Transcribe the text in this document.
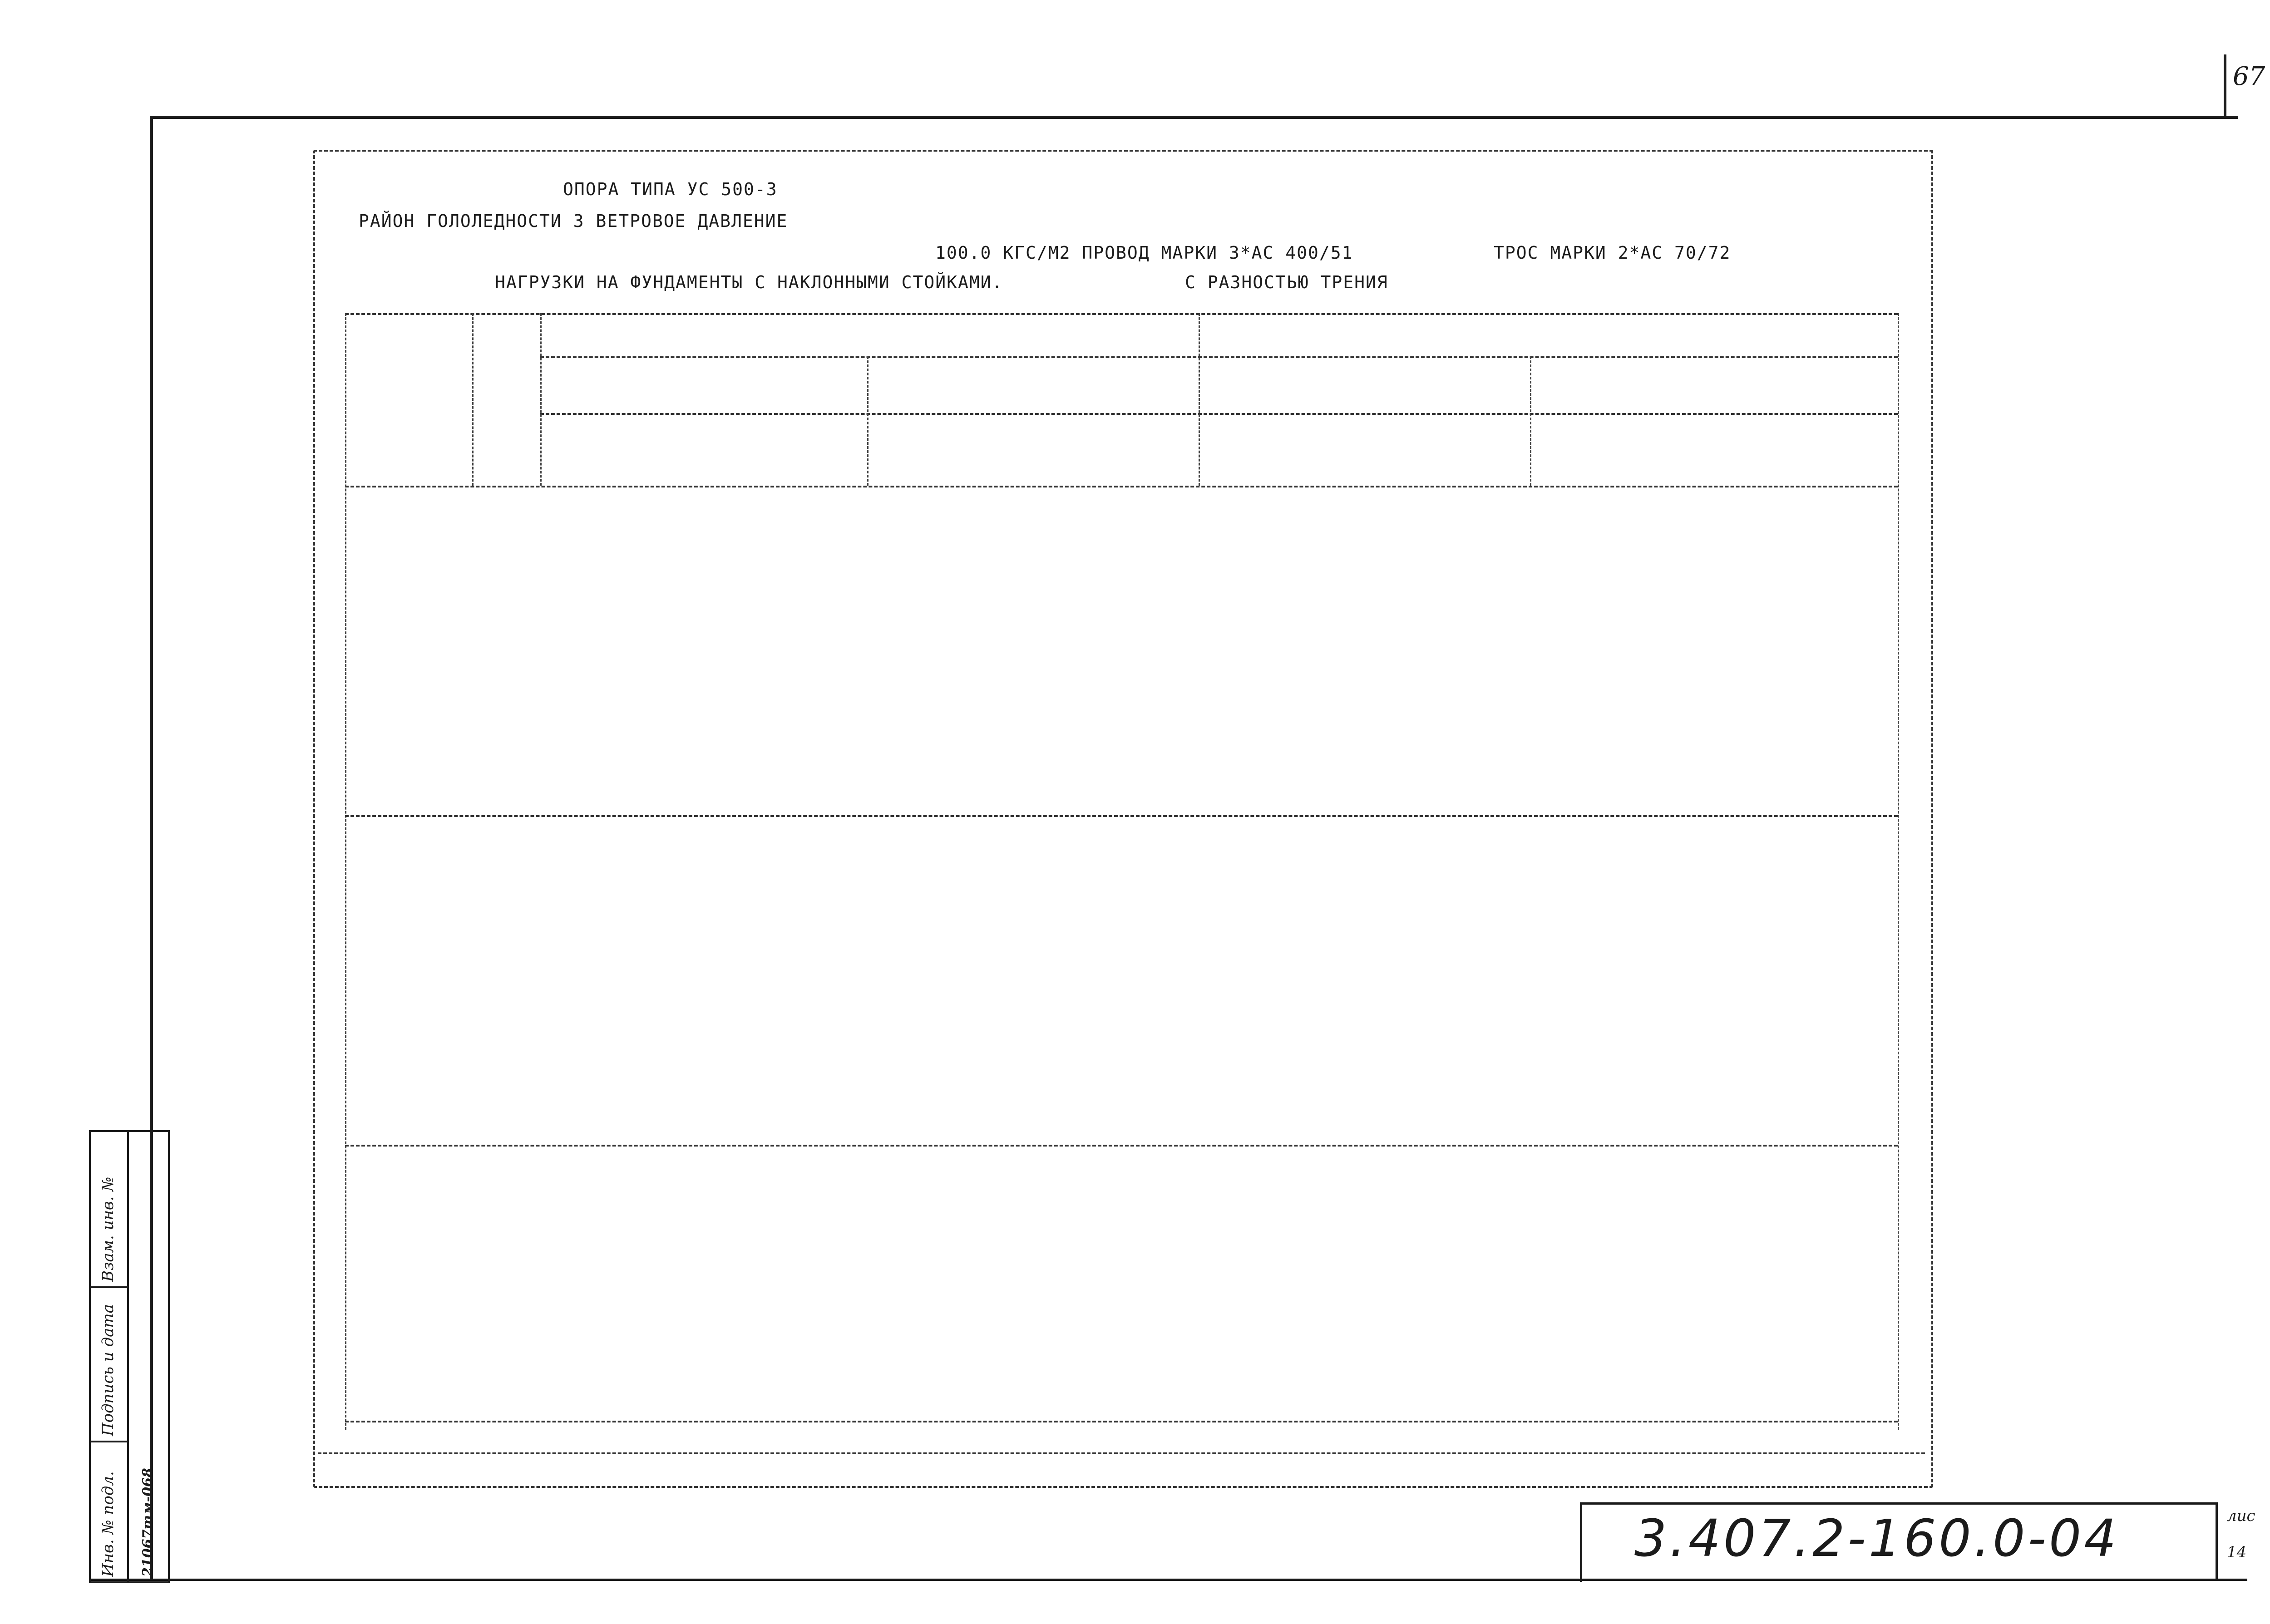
67
Взам. инв. №
Подпись и дата
Инв. № подл. 21067тм-068	3.407.2-160.0-04	лис
14
ОПОРА ТИПА УС 500-3
РАЙОН ГОЛОЛЕДНОСТИ 3 ВЕТРОВОЕ ДАВЛЕНИЕ
100.0 КГС/М2 ПРОВОД МАРКИ 3*АС 400/51	ТРОС МАРКИ 2*АС 70/72
НАГРУЗКИ НА ФУНДАМЕНТЫ С НАКЛОННЫМИ СТОЙКАМИ.	С РАЗНОСТЬЮ ТРЕНИЯ
